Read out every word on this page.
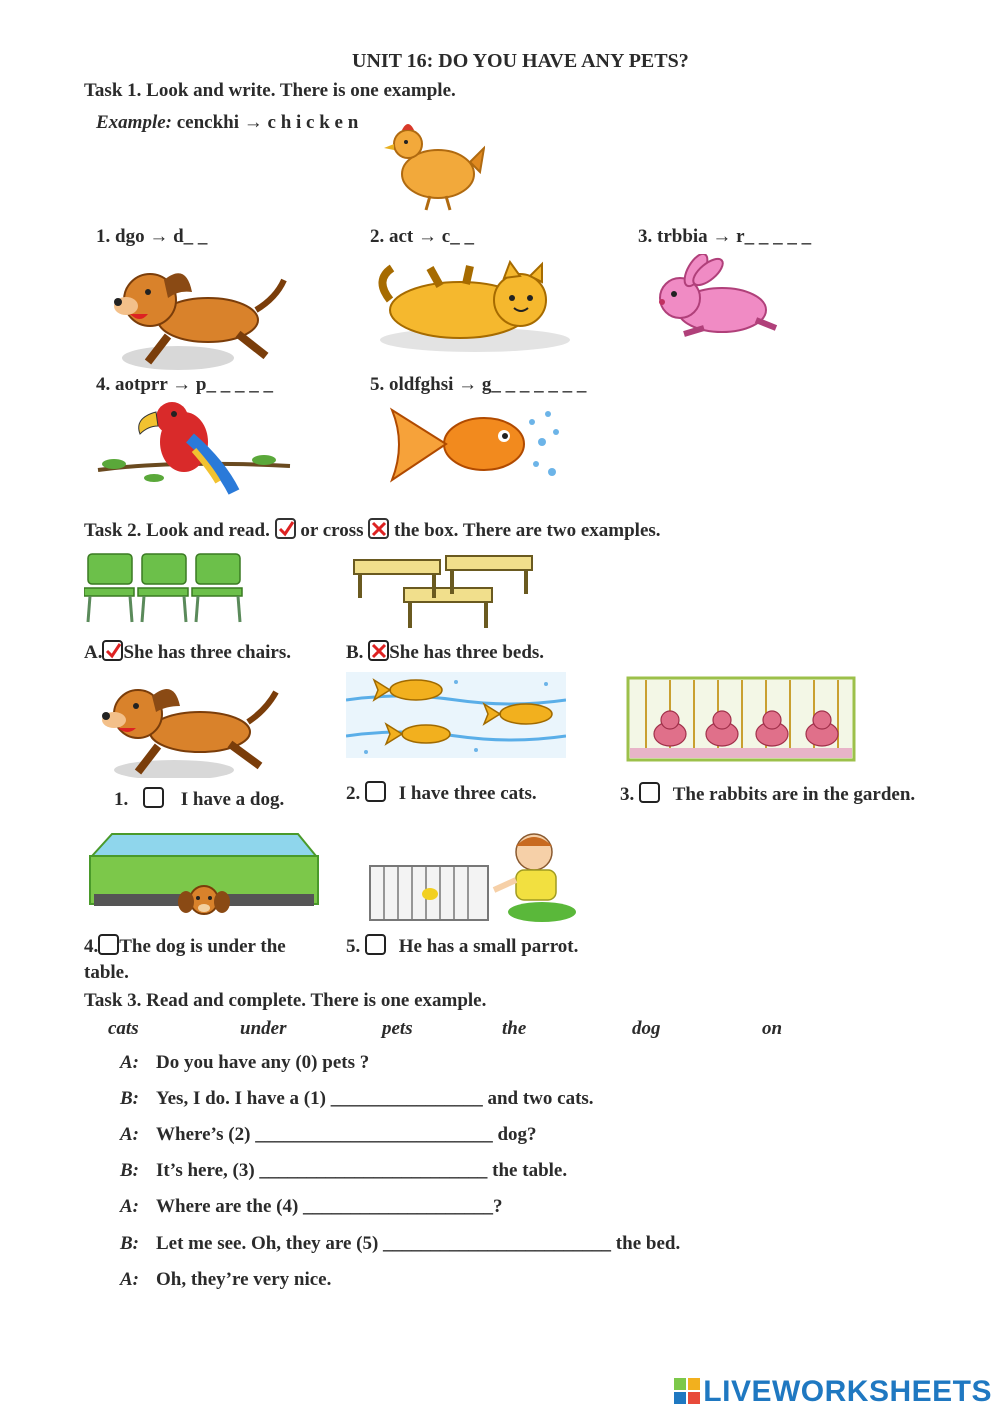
UNIT 16: DO YOU HAVE ANY PETS?
Task 1. Look and write. There is one example.
Example: cenckhi → c h i c k e n
1. dgo → d_ _	2. act → c_ _	3. trbbia → r_ _ _ _ _
4. aotprr → p_ _ _ _ _	5. oldfghsi → g_ _ _ _ _ _ _
Task 2. Look and read. or cross the box. There are two examples.
A. She has three chairs.	B. She has three beds.
1.	I have a dog.	2. I have three cats.	3. The rabbits are in the garden.
4. The dog is under the
table.
5. He has a small parrot.
Task 3. Read and complete. There is one example.
cats	under	pets	the	dog	on
A: Do you have any (0) pets ?
B: Yes, I do. I have a (1) ________________ and two cats.
A: Where’s (2) _________________________ dog?
B: It’s here, (3) ________________________ the table.
A: Where are the (4) ____________________?
B: Let me see. Oh, they are (5) ________________________ the bed.
A: Oh, they’re very nice.
LIVEWORKSHEETS
